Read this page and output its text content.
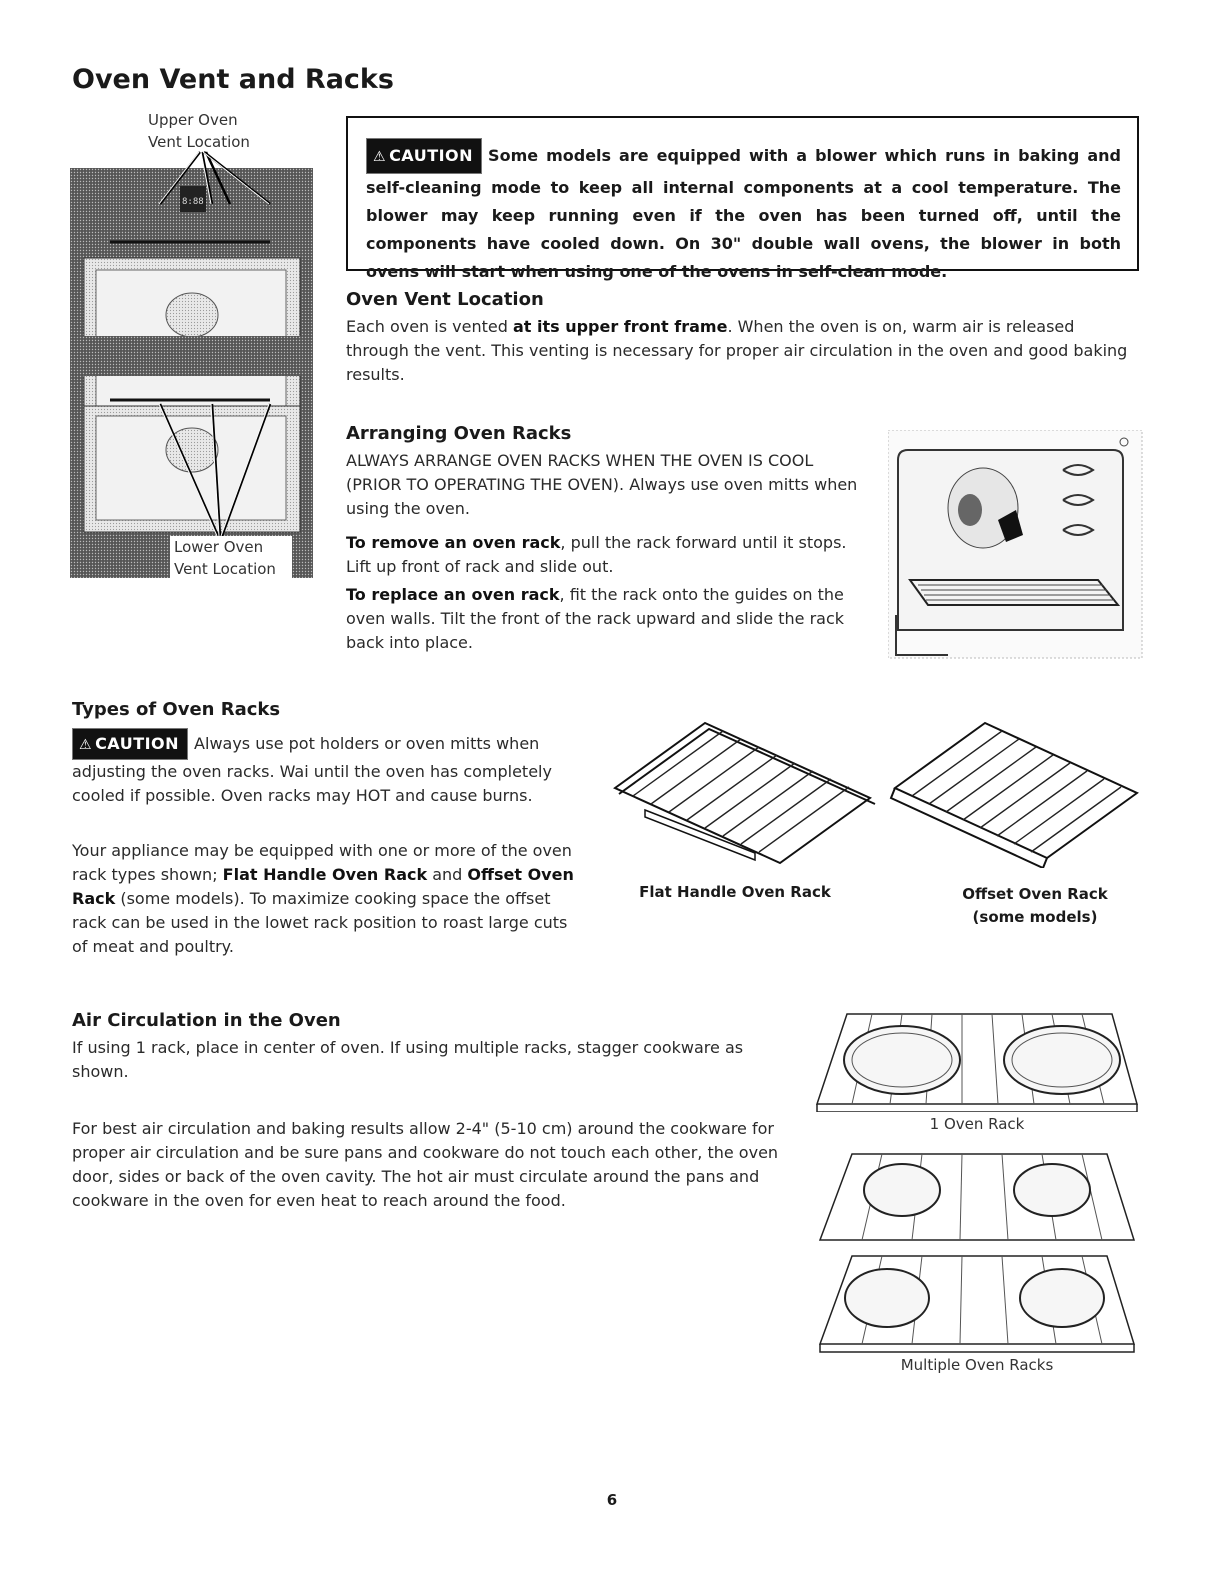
Oven Vent and Racks
Upper Oven
Vent Location
8:88
Lower Oven
Vent Location
⚠ CAUTION Some models are equipped with a blower which runs in baking and self-cleaning mode to keep all internal components at a cool temperature. The blower may keep running even if the oven has been turned off, until the components have cooled down. On 30" double wall ovens, the blower in both ovens will start when using one of the ovens in self-clean mode.
Oven Vent Location
Each oven is vented at its upper front frame. When the oven is on, warm air is released through the vent. This venting is necessary for proper air circulation in the oven and good baking results.
Arranging Oven Racks
ALWAYS ARRANGE OVEN RACKS WHEN THE OVEN IS COOL (PRIOR TO OPERATING THE OVEN). Always use oven mitts when using the oven.
To remove an oven rack, pull the rack forward until it stops. Lift up front of rack and slide out.
To replace an oven rack, fit the rack onto the guides on the oven walls. Tilt the front of the rack upward and slide the rack back into place.
Types of Oven Racks
⚠ CAUTION Always use pot holders or oven mitts when adjusting the oven racks. Wai until the oven has completely cooled if possible. Oven racks may HOT and cause burns.
Your appliance may be equipped with one or more of the oven rack types shown; Flat Handle Oven Rack and Offset Oven Rack (some models). To maximize cooking space the offset rack can be used in the lowet rack position to roast large cuts of meat and poultry.
Flat Handle Oven Rack	Offset Oven Rack
(some models)
Air Circulation in the Oven
If using 1 rack, place in center of oven. If using multiple racks, stagger cookware as shown.
For best air circulation and baking results allow 2-4" (5-10 cm) around the cookware for proper air circulation and be sure pans and cookware do not touch each other, the oven door, sides or back of the oven cavity. The hot air must circulate around the pans and cookware in the oven for even heat to reach around the food.
1 Oven Rack
Multiple Oven Racks
6
